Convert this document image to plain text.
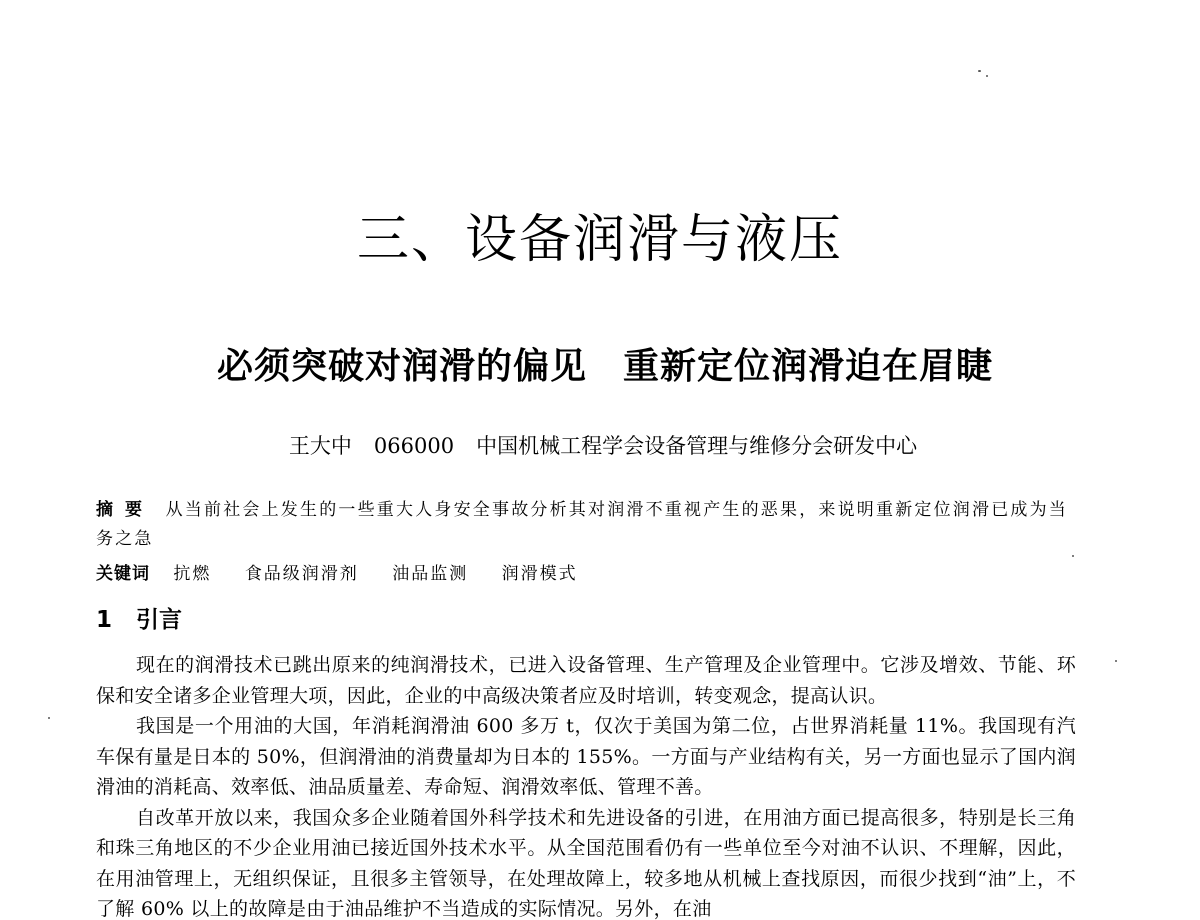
三、设备润滑与液压
必须突破对润滑的偏见 重新定位润滑迫在眉睫

王大中 066000 中国机械工程学会设备管理与维修分会研发中心

摘要 从当前社会上发生的一些重大人身安全事故分析其对润滑不重视产生的恶果，来说明重新定位润滑已成为当务之急

关键词 抗燃 食品级润滑剂 油品监测 润滑模式

1 引言

现在的润滑技术已跳出原来的纯润滑技术，已进入设备管理、生产管理及企业管理中。它涉及增效、节能、环保和安全诸多企业管理大项，因此，企业的中高级决策者应及时培训，转变观念，提高认识。

我国是一个用油的大国，年消耗润滑油 600 多万 t，仅次于美国为第二位，占世界消耗量 11%。我国现有汽车保有量是日本的 50%，但润滑油的消费量却为日本的 155%。一方面与产业结构有关，另一方面也显示了国内润滑油的消耗高、效率低、油品质量差、寿命短、润滑效率低、管理不善。

自改革开放以来，我国众多企业随着国外科学技术和先进设备的引进，在用油方面已提高很多，特别是长三角和珠三角地区的不少企业用油已接近国外技术水平。从全国范围看仍有一些单位至今对油不认识、不理解，因此，在用油管理上，无组织保证，且很多主管领导，在处理故障上，较多地从机械上查找原因，而很少找到“油”上，不了解 60% 以上的故障是由于油品维护不当造成的实际情况。另外，在油
